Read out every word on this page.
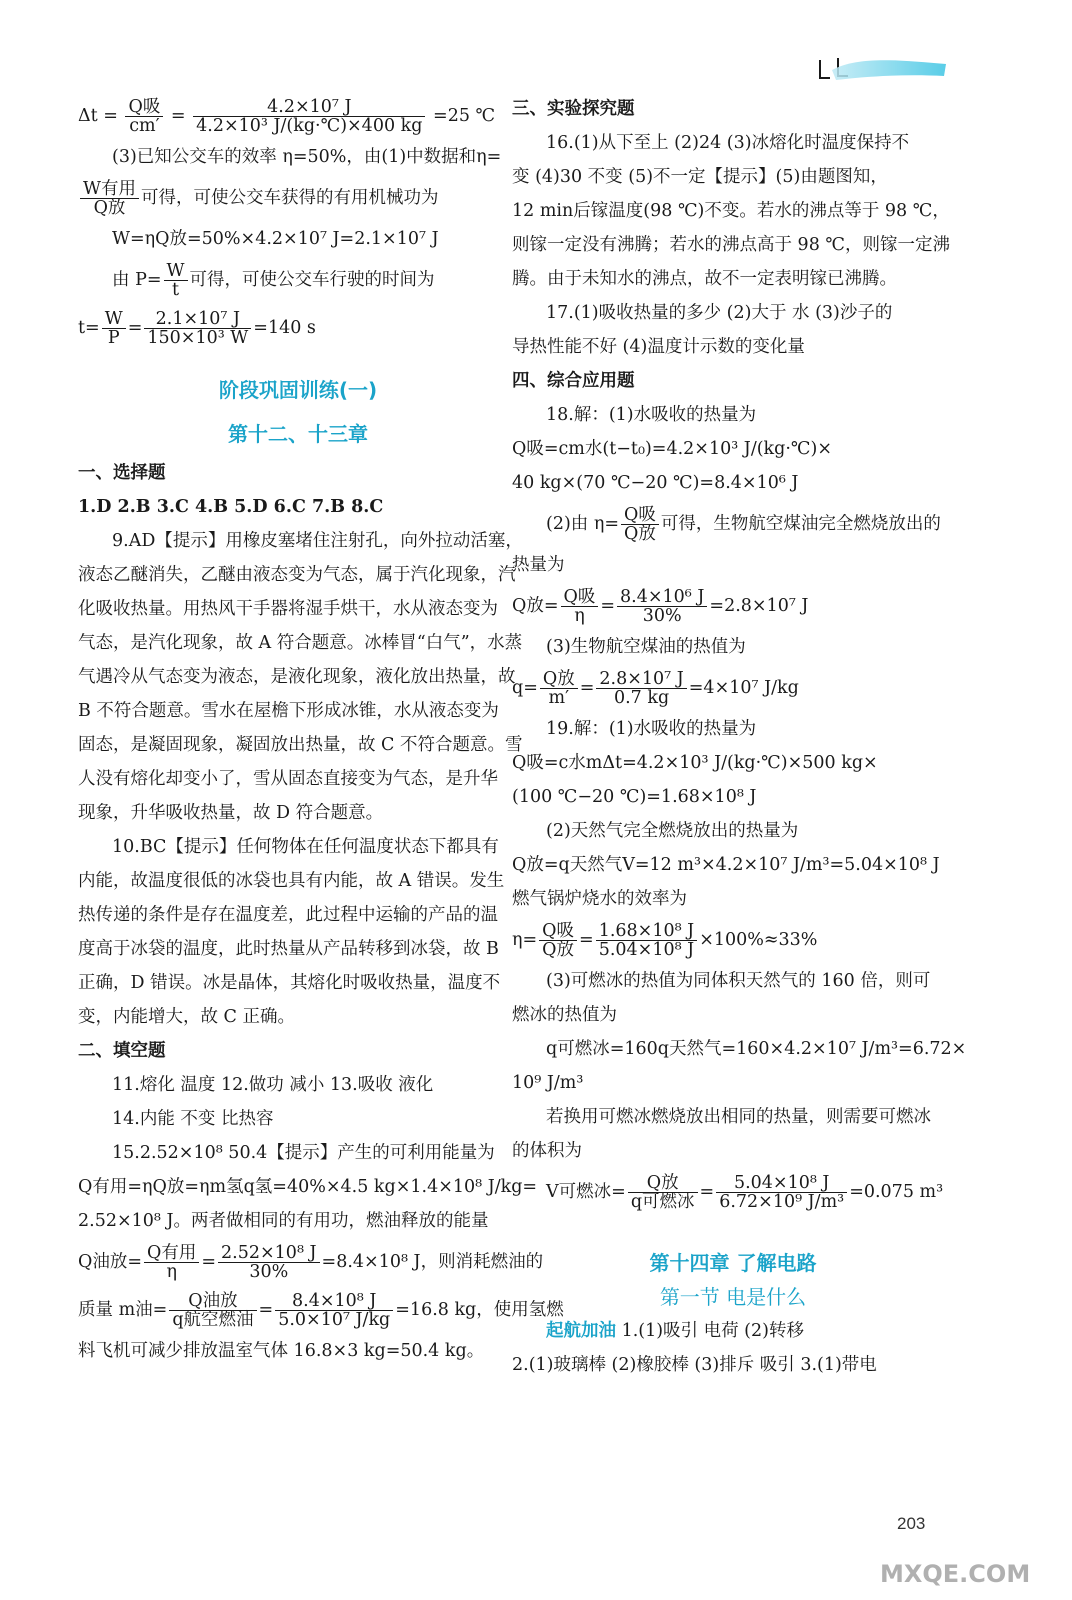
$\Delta t = \frac{\text{Q吸}}{cm'} = \frac{\text{4.2×10⁷ J}}{\text{4.2×10³ J/(kg·℃)×400 kg}} =25$ ℃
(3)已知公交车的效率 η=50%，由(1)中数据和η=
$\frac{\text{W有用}}{\text{Q放}}$ 可得，可使公交车获得的有用机械功为
W=ηQ放=50%×4.2×10⁷ J=2.1×10⁷ J
由 $P= \frac{W}{t}$ 可得，可使公交车行驶的时间为
$t= \frac{W}{P} = \frac{\text{2.1×10⁷ J}}{\text{150×10³ W}} =140$ s
阶段巩固训练(一)
第十二、十三章
一、选择题
1.D 2.B 3.C 4.B 5.D 6.C 7.B 8.C
9.AD【提示】用橡皮塞堵住注射孔，向外拉动活塞，
液态乙醚消失，乙醚由液态变为气态，属于汽化现象，汽
化吸收热量。用热风干手器将湿手烘干，水从液态变为
气态，是汽化现象，故 A 符合题意。冰棒冒“白气”，水蒸
气遇冷从气态变为液态，是液化现象，液化放出热量，故
B 不符合题意。雪水在屋檐下形成冰锥，水从液态变为
固态，是凝固现象，凝固放出热量，故 C 不符合题意。雪
人没有熔化却变小了，雪从固态直接变为气态，是升华
现象，升华吸收热量，故 D 符合题意。
10.BC【提示】任何物体在任何温度状态下都具有
内能，故温度很低的冰袋也具有内能，故 A 错误。发生
热传递的条件是存在温度差，此过程中运输的产品的温
度高于冰袋的温度，此时热量从产品转移到冰袋，故 B
正确，D 错误。冰是晶体，其熔化时吸收热量，温度不
变，内能增大，故 C 正确。
二、填空题
11.熔化 温度 12.做功 减小 13.吸收 液化
14.内能 不变 比热容
15.2.52×10⁸ 50.4【提示】产生的可利用能量为
Q有用=ηQ放=ηm氢q氢=40%×4.5 kg×1.4×10⁸ J/kg=
2.52×10⁸ J。两者做相同的有用功，燃油释放的能量
Q油放= $\frac{\text{Q有用}}{\eta} = \frac{\text{2.52×10⁸ J}}{30\%} =8.4\times 10^8$ J，则消耗燃油的
质量 m油= $\frac{\text{Q油放}}{\text{q航空燃油}} = \frac{\text{8.4×10⁸ J}}{\text{5.0×10⁷ J/kg}} =16.8$ kg，使用氢燃
料飞机可减少排放温室气体 16.8×3 kg=50.4 kg。
三、实验探究题
16.(1)从下至上 (2)24 (3)冰熔化时温度保持不
变 (4)30 不变 (5)不一定【提示】(5)由题图知，
12 min后镓温度(98 ℃)不变。若水的沸点等于 98 ℃，
则镓一定没有沸腾；若水的沸点高于 98 ℃，则镓一定沸
腾。由于未知水的沸点，故不一定表明镓已沸腾。
17.(1)吸收热量的多少 (2)大于 水 (3)沙子的
导热性能不好 (4)温度计示数的变化量
四、综合应用题
18.解：(1)水吸收的热量为
Q吸=cm水(t−t₀)=4.2×10³ J/(kg·℃)×
40 kg×(70 ℃−20 ℃)=8.4×10⁶ J
(2)由 $\eta= \frac{\text{Q吸}}{\text{Q放}}$ 可得，生物航空煤油完全燃烧放出的
热量为
Q放= $\frac{\text{Q吸}}{\eta} = \frac{\text{8.4×10⁶ J}}{30\%} =2.8\times 10^7$ J
(3)生物航空煤油的热值为
$q= \frac{\text{Q放}}{m'} = \frac{\text{2.8×10⁷ J}}{0.7 kg} =4\times 10^7$ J/kg
19.解：(1)水吸收的热量为
Q吸=c水mΔt=4.2×10³ J/(kg·℃)×500 kg×
(100 ℃−20 ℃)=1.68×10⁸ J
(2)天然气完全燃烧放出的热量为
Q放=q天然气V=12 m³×4.2×10⁷ J/m³=5.04×10⁸ J
燃气锅炉烧水的效率为
$\eta= \frac{\text{Q吸}}{\text{Q放}} = \frac{\text{1.68×10⁸ J}}{\text{5.04×10⁸ J}} \times 100\%\approx 33\%$
(3)可燃冰的热值为同体积天然气的 160 倍，则可
燃冰的热值为
q可燃冰=160q天然气=160×4.2×10⁷ J/m³=6.72×
10⁹ J/m³
若换用可燃冰燃烧放出相同的热量，则需要可燃冰
的体积为
V可燃冰= $\frac{\text{Q放}}{\text{q可燃冰}} = \frac{\text{5.04×10⁸ J}}{\text{6.72×10⁹ J/m³}} =0.075$ m³
第十四章 了解电路
第一节 电是什么
起航加油 1.(1)吸引 电荷 (2)转移
2.(1)玻璃棒 (2)橡胶棒 (3)排斥 吸引 3.(1)带电
203
MXQE.COM
